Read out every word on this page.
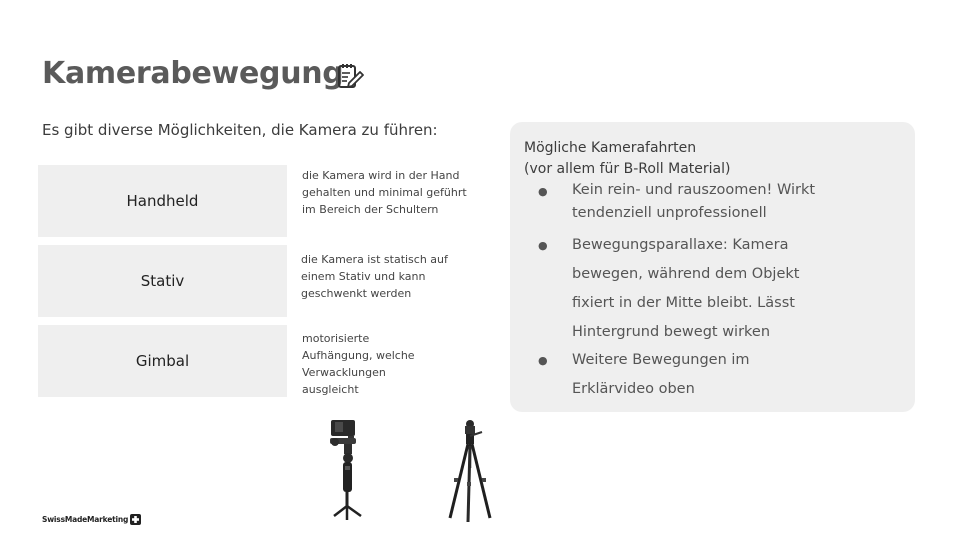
Kamerabewegung

Es gibt diverse Möglichkeiten, die Kamera zu führen:

Handheld
die Kamera wird in der Hand gehalten und minimal geführt im Bereich der Schultern
Stativ
die Kamera ist statisch auf einem Stativ und kann geschwenkt werden
Gimbal
motorisierte Aufhängung, welche Verwacklungen ausgleicht

Mögliche Kamerafahrten
(vor allem für B-Roll Material)

● Kein rein- und rauszoomen! Wirkt tendenziell unprofessionell

● Bewegungsparallaxe: Kamera bewegen, während dem Objekt fixiert in der Mitte bleibt. Lässt Hintergrund bewegt wirken

● Weitere Bewegungen im Erklärvideo oben

SwissMadeMarketing
